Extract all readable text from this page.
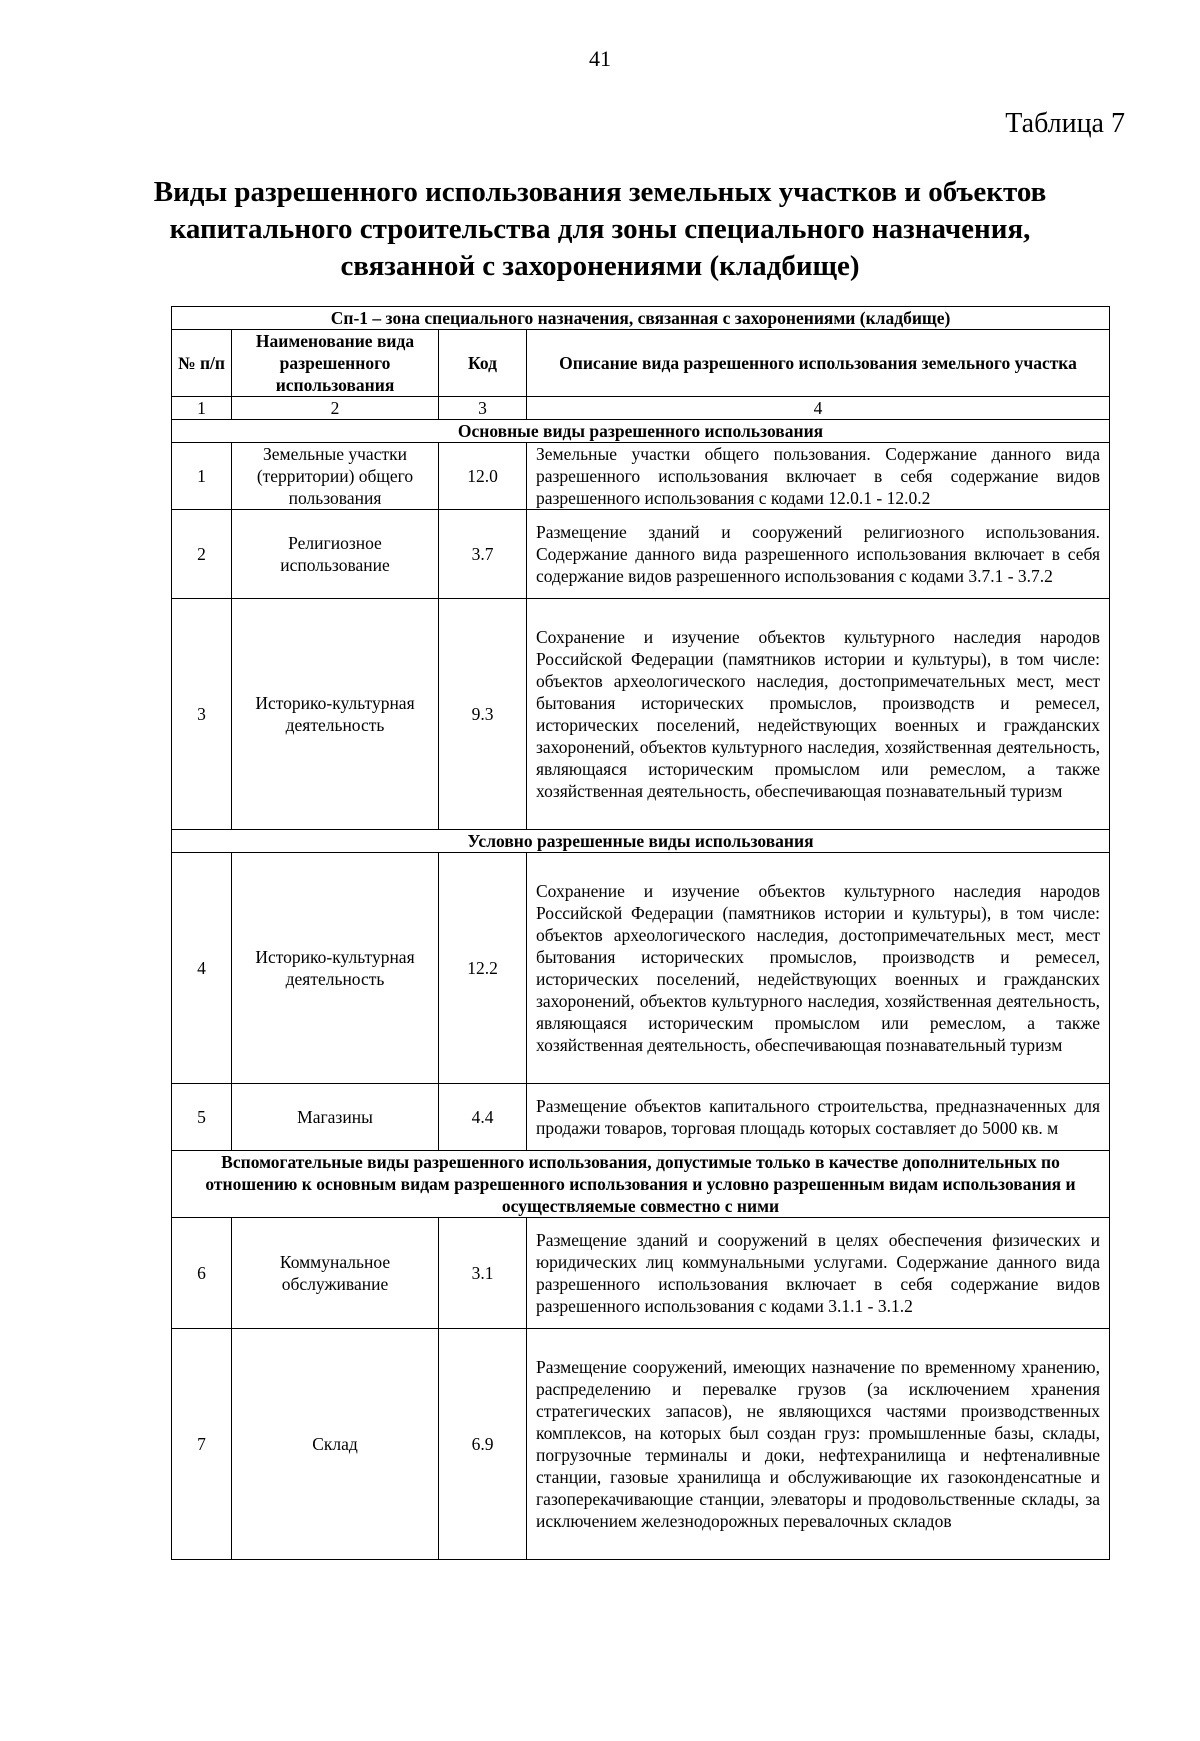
41
Таблица 7
Виды разрешенного использования земельных участков и объектов
капитального строительства для зоны специального назначения,
связанной с захоронениями (кладбище)
Сп-1 – зона специального назначения, связанная с захоронениями (кладбище)			
№ п/п	Наименование вида разрешенного использования	Код	Описание вида разрешенного использования земельного участка
1	2	3	4
Основные виды разрешенного использования			
1	Земельные участки (территории) общего пользования	12.0	Земельные участки общего пользования. Содержание данного вида разрешенного использования включает в себя содержание видов разрешенного использования с кодами 12.0.1 - 12.0.2
2	Религиозное использование	3.7	Размещение зданий и сооружений религиозного использования. Содержание данного вида разрешенного использования включает в себя содержание видов разрешенного использования с кодами 3.7.1 - 3.7.2
3	Историко-культурная деятельность	9.3	Сохранение и изучение объектов культурного наследия народов Российской Федерации (памятников истории и культуры), в том числе: объектов археологического наследия, достопримечательных мест, мест бытования исторических промыслов, производств и ремесел, исторических поселений, недействующих военных и гражданских захоронений, объектов культурного наследия, хозяйственная деятельность, являющаяся историческим промыслом или ремеслом, а также хозяйственная деятельность, обеспечивающая познавательный туризм
Условно разрешенные виды использования			
4	Историко-культурная деятельность	12.2	Сохранение и изучение объектов культурного наследия народов Российской Федерации (памятников истории и культуры), в том числе: объектов археологического наследия, достопримечательных мест, мест бытования исторических промыслов, производств и ремесел, исторических поселений, недействующих военных и гражданских захоронений, объектов культурного наследия, хозяйственная деятельность, являющаяся историческим промыслом или ремеслом, а также хозяйственная деятельность, обеспечивающая познавательный туризм
5	Магазины	4.4	Размещение объектов капитального строительства, предназначенных для продажи товаров, торговая площадь которых составляет до 5000 кв. м
Вспомогательные виды разрешенного использования, допустимые только в качестве дополнительных по отношению к основным видам разрешенного использования и условно разрешенным видам использования и осуществляемые совместно с ними			
6	Коммунальное обслуживание	3.1	Размещение зданий и сооружений в целях обеспечения физических и юридических лиц коммунальными услугами. Содержание данного вида разрешенного использования включает в себя содержание видов разрешенного использования с кодами 3.1.1 - 3.1.2
7	Склад	6.9	Размещение сооружений, имеющих назначение по временному хранению, распределению и перевалке грузов (за исключением хранения стратегических запасов), не являющихся частями производственных комплексов, на которых был создан груз: промышленные базы, склады, погрузочные терминалы и доки, нефтехранилища и нефтеналивные станции, газовые хранилища и обслуживающие их газоконденсатные и газоперекачивающие станции, элеваторы и продовольственные склады, за исключением железнодорожных перевалочных складов
